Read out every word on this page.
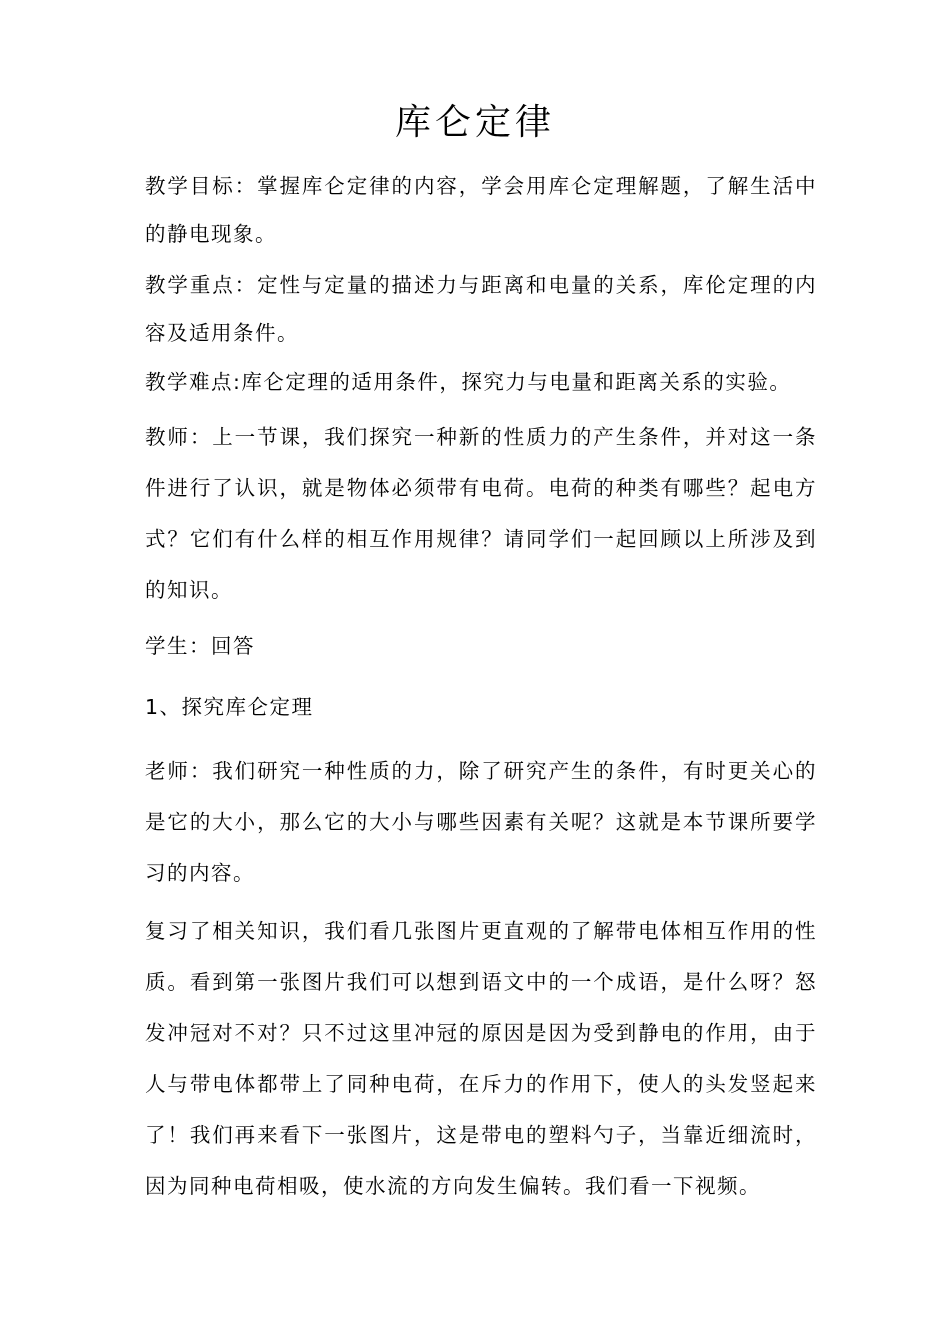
库仑定律

教学目标：掌握库仑定律的内容，学会用库仑定理解题，了解生活中的静电现象。

教学重点：定性与定量的描述力与距离和电量的关系，库伦定理的内容及适用条件。

教学难点:库仑定理的适用条件，探究力与电量和距离关系的实验。

教师：上一节课，我们探究一种新的性质力的产生条件，并对这一条件进行了认识，就是物体必须带有电荷。电荷的种类有哪些？起电方式？它们有什么样的相互作用规律？请同学们一起回顾以上所涉及到的知识。

学生：回答

1、探究库仑定理

老师：我们研究一种性质的力，除了研究产生的条件，有时更关心的是它的大小，那么它的大小与哪些因素有关呢？这就是本节课所要学习的内容。

复习了相关知识，我们看几张图片更直观的了解带电体相互作用的性质。看到第一张图片我们可以想到语文中的一个成语，是什么呀？怒发冲冠对不对？只不过这里冲冠的原因是因为受到静电的作用，由于人与带电体都带上了同种电荷，在斥力的作用下，使人的头发竖起来了！我们再来看下一张图片，这是带电的塑料勺子，当靠近细流时，因为同种电荷相吸，使水流的方向发生偏转。我们看一下视频。
